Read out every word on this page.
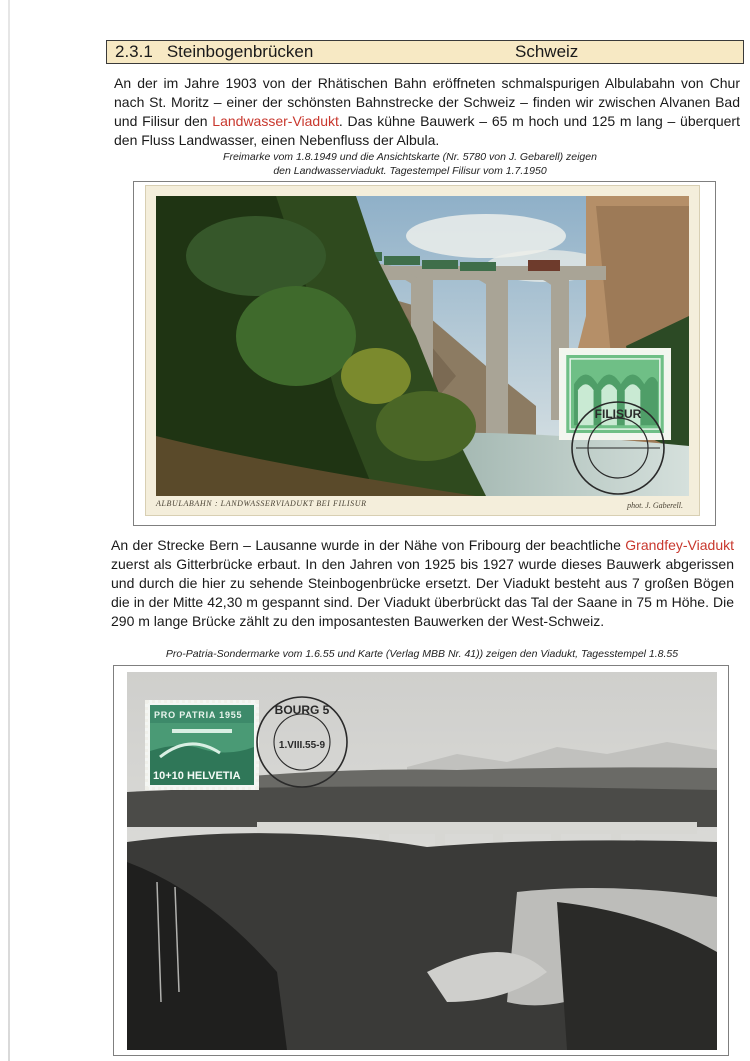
2.3.1 Steinbogenbrücken	Schweiz

An der im Jahre 1903 von der Rhätischen Bahn eröffneten schmalspurigen Albulabahn von Chur nach St. Moritz – einer der schönsten Bahnstrecke der Schweiz – finden wir zwischen Alvanen Bad und Filisur den Landwasser-Viadukt. Das kühne Bauwerk – 65 m hoch und 125 m lang – überquert den Fluss Landwasser, einen Nebenfluss der Albula.

Freimarke vom 1.8.1949 und die Ansichtskarte (Nr. 5780 von J. Gebarell) zeigen
den Landwasserviadukt. Tagestempel Filisur vom 1.7.1950

ALBULABAHN : LANDWASSERVIADUKT BEI FILISUR	phot. J. Gaberell.
FILISUR

An der Strecke Bern – Lausanne wurde in der Nähe von Fribourg der beachtliche Grandfey-Viadukt zuerst als Gitterbrücke erbaut. In den Jahren von 1925 bis 1927 wurde dieses Bauwerk abgerissen und durch die hier zu sehende Steinbogenbrücke ersetzt. Der Viadukt besteht aus 7 großen Bögen die in der Mitte 42,30 m gespannt sind. Der Viadukt überbrückt das Tal der Saane in 75 m Höhe. Die 290 m lange Brücke zählt zu den imposantesten Bauwerken der West-Schweiz.

Pro-Patria-Sondermarke vom 1.6.55 und Karte (Verlag MBB Nr. 41)) zeigen den Viadukt, Tagesstempel 1.8.55

PRO PATRIA 1955
10+10 HELVETIA
BOURG 5
1.VIII.55-9
